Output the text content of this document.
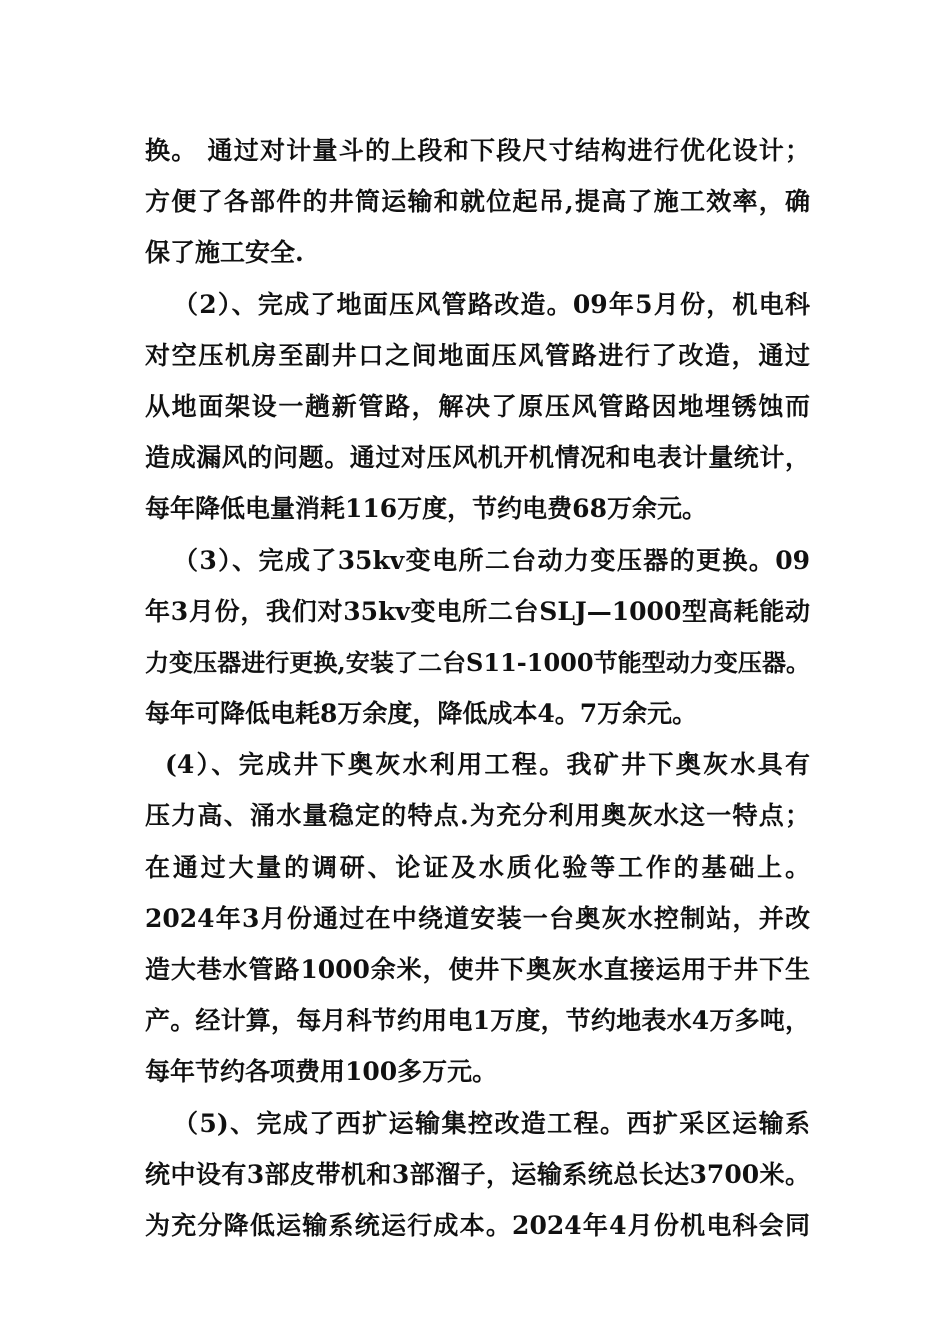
换。 通过对计量斗的上段和下段尺寸结构进行优化设计；
方便了各部件的井筒运输和就位起吊,提高了施工效率，确
保了施工安全.
（2）、完成了地面压风管路改造。09年5月份，机电科
对空压机房至副井口之间地面压风管路进行了改造，通过
从地面架设一趟新管路，解决了原压风管路因地埋锈蚀而
造成漏风的问题。通过对压风机开机情况和电表计量统计，
每年降低电量消耗116万度，节约电费68万余元。
（3）、完成了35kv变电所二台动力变压器的更换。09
年3月份，我们对35kv变电所二台SLJ—1000型高耗能动
力变压器进行更换,安装了二台S11-1000节能型动力变压器。
每年可降低电耗8万余度，降低成本4。7万余元。
(4）、完成井下奥灰水利用工程。我矿井下奥灰水具有
压力高、涌水量稳定的特点.为充分利用奥灰水这一特点；
在通过大量的调研、论证及水质化验等工作的基础上。
2024年3月份通过在中绕道安装一台奥灰水控制站，并改
造大巷水管路1000余米，使井下奥灰水直接运用于井下生
产。经计算，每月科节约用电1万度，节约地表水4万多吨，
每年节约各项费用100多万元。
（5)、完成了西扩运输集控改造工程。西扩采区运输系
统中设有3部皮带机和3部溜子，运输系统总长达3700米。
为充分降低运输系统运行成本。2024年4月份机电科会同
